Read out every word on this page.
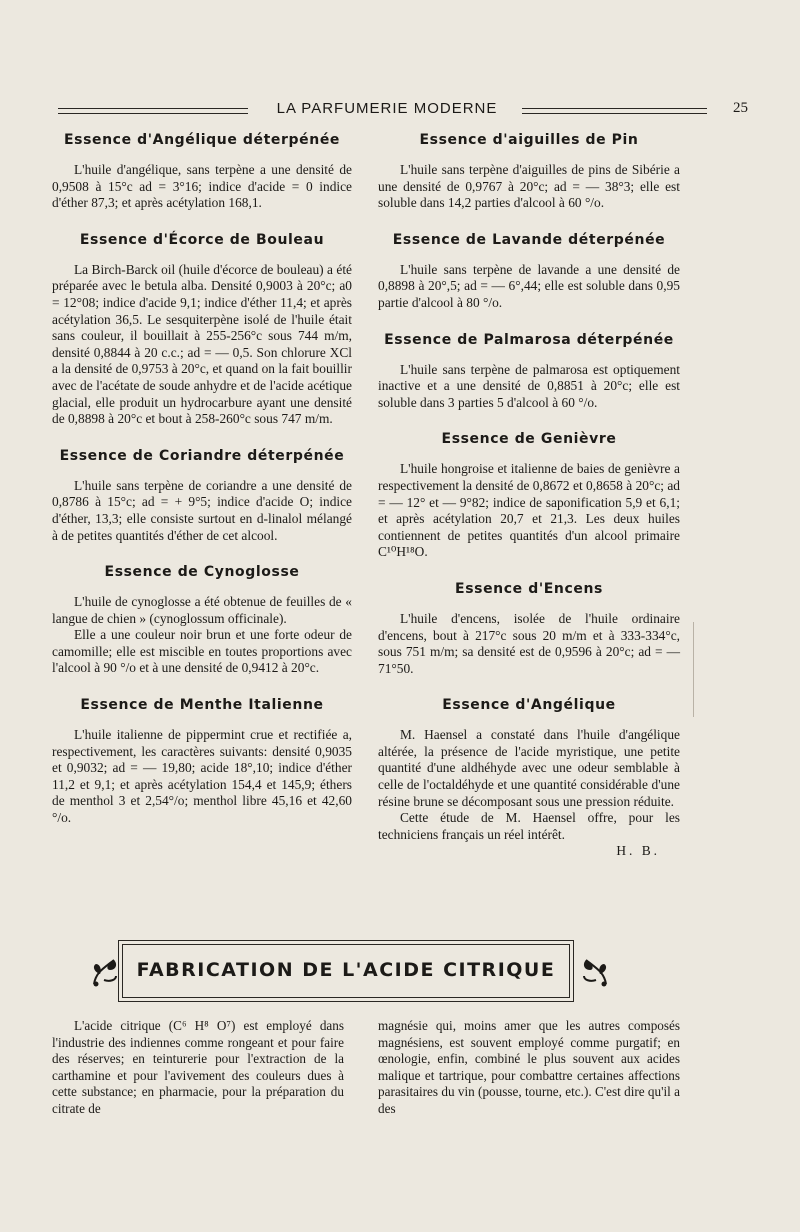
LA PARFUMERIE MODERNE	25
Essence d'Angélique déterpénée

L'huile d'angélique, sans terpène a une densité de 0,9508 à 15°c ad = 3°16; indice d'acide = 0 indice d'éther 87,3; et après acétylation 168,1.

Essence d'Écorce de Bouleau

La Birch-Barck oil (huile d'écorce de bouleau) a été préparée avec le betula alba. Densité 0,9003 à 20°c; a0 = 12°08; indice d'acide 9,1; indice d'éther 11,4; et après acétylation 36,5. Le sesquiterpène isolé de l'huile était sans couleur, il bouillait à 255-256°c sous 744 m/m, densité 0,8844 à 20 c.c.; ad = — 0,5. Son chlorure XCl a la densité de 0,9753 à 20°c, et quand on la fait bouillir avec de l'acétate de soude anhydre et de l'acide acétique glacial, elle produit un hydrocarbure ayant une densité de 0,8898 à 20°c et bout à 258-260°c sous 747 m/m.

Essence de Coriandre déterpénée

L'huile sans terpène de coriandre a une densité de 0,8786 à 15°c; ad = + 9°5; indice d'acide O; indice d'éther, 13,3; elle consiste surtout en d-linalol mélangé à de petites quantités d'éther de cet alcool.

Essence de Cynoglosse

L'huile de cynoglosse a été obtenue de feuilles de « langue de chien » (cynoglossum officinale).

Elle a une couleur noir brun et une forte odeur de camomille; elle est miscible en toutes proportions avec l'alcool à 90 °/o et à une densité de 0,9412 à 20°c.

Essence de Menthe Italienne

L'huile italienne de pippermint crue et rectifiée a, respectivement, les caractères suivants: densité 0,9035 et 0,9032; ad = — 19,80; acide 18°,10; indice d'éther 11,2 et 9,1; et après acétylation 154,4 et 145,9; éthers de menthol 3 et 2,54°/o; menthol libre 45,16 et 42,60 °/o.

Essence d'aiguilles de Pin

L'huile sans terpène d'aiguilles de pins de Sibérie a une densité de 0,9767 à 20°c; ad = — 38°3; elle est soluble dans 14,2 parties d'alcool à 60 °/o.

Essence de Lavande déterpénée

L'huile sans terpène de lavande a une densité de 0,8898 à 20°,5; ad = — 6°,44; elle est soluble dans 0,95 partie d'alcool à 80 °/o.

Essence de Palmarosa déterpénée

L'huile sans terpène de palmarosa est optiquement inactive et a une densité de 0,8851 à 20°c; elle est soluble dans 3 parties 5 d'alcool à 60 °/o.

Essence de Genièvre

L'huile hongroise et italienne de baies de genièvre a respectivement la densité de 0,8672 et 0,8658 à 20°c; ad = — 12° et — 9°82; indice de saponification 5,9 et 6,1; et après acétylation 20,7 et 21,3. Les deux huiles contiennent de petites quantités d'un alcool primaire C¹⁰H¹⁸O.

Essence d'Encens

L'huile d'encens, isolée de l'huile ordinaire d'encens, bout à 217°c sous 20 m/m et à 333-334°c, sous 751 m/m; sa densité est de 0,9596 à 20°c; ad = — 71°50.

Essence d'Angélique

M. Haensel a constaté dans l'huile d'angélique altérée, la présence de l'acide myristique, une petite quantité d'une aldhéhyde avec une odeur semblable à celle de l'octaldéhyde et une quantité considérable d'une résine brune se décomposant sous une pression réduite.

Cette étude de M. Haensel offre, pour les techniciens français un réel intérêt.

H. B.
FABRICATION DE L'ACIDE CITRIQUE

L'acide citrique (C⁶ H⁸ O⁷) est employé dans l'industrie des indiennes comme rongeant et pour faire des réserves; en teinturerie pour l'extraction de la carthamine et pour l'avivement des couleurs dues à cette substance; en pharmacie, pour la préparation du citrate de

magnésie qui, moins amer que les autres composés magnésiens, est souvent employé comme purgatif; en œnologie, enfin, combiné le plus souvent aux acides malique et tartrique, pour combattre certaines affections parasitaires du vin (pousse, tourne, etc.). C'est dire qu'il a des
